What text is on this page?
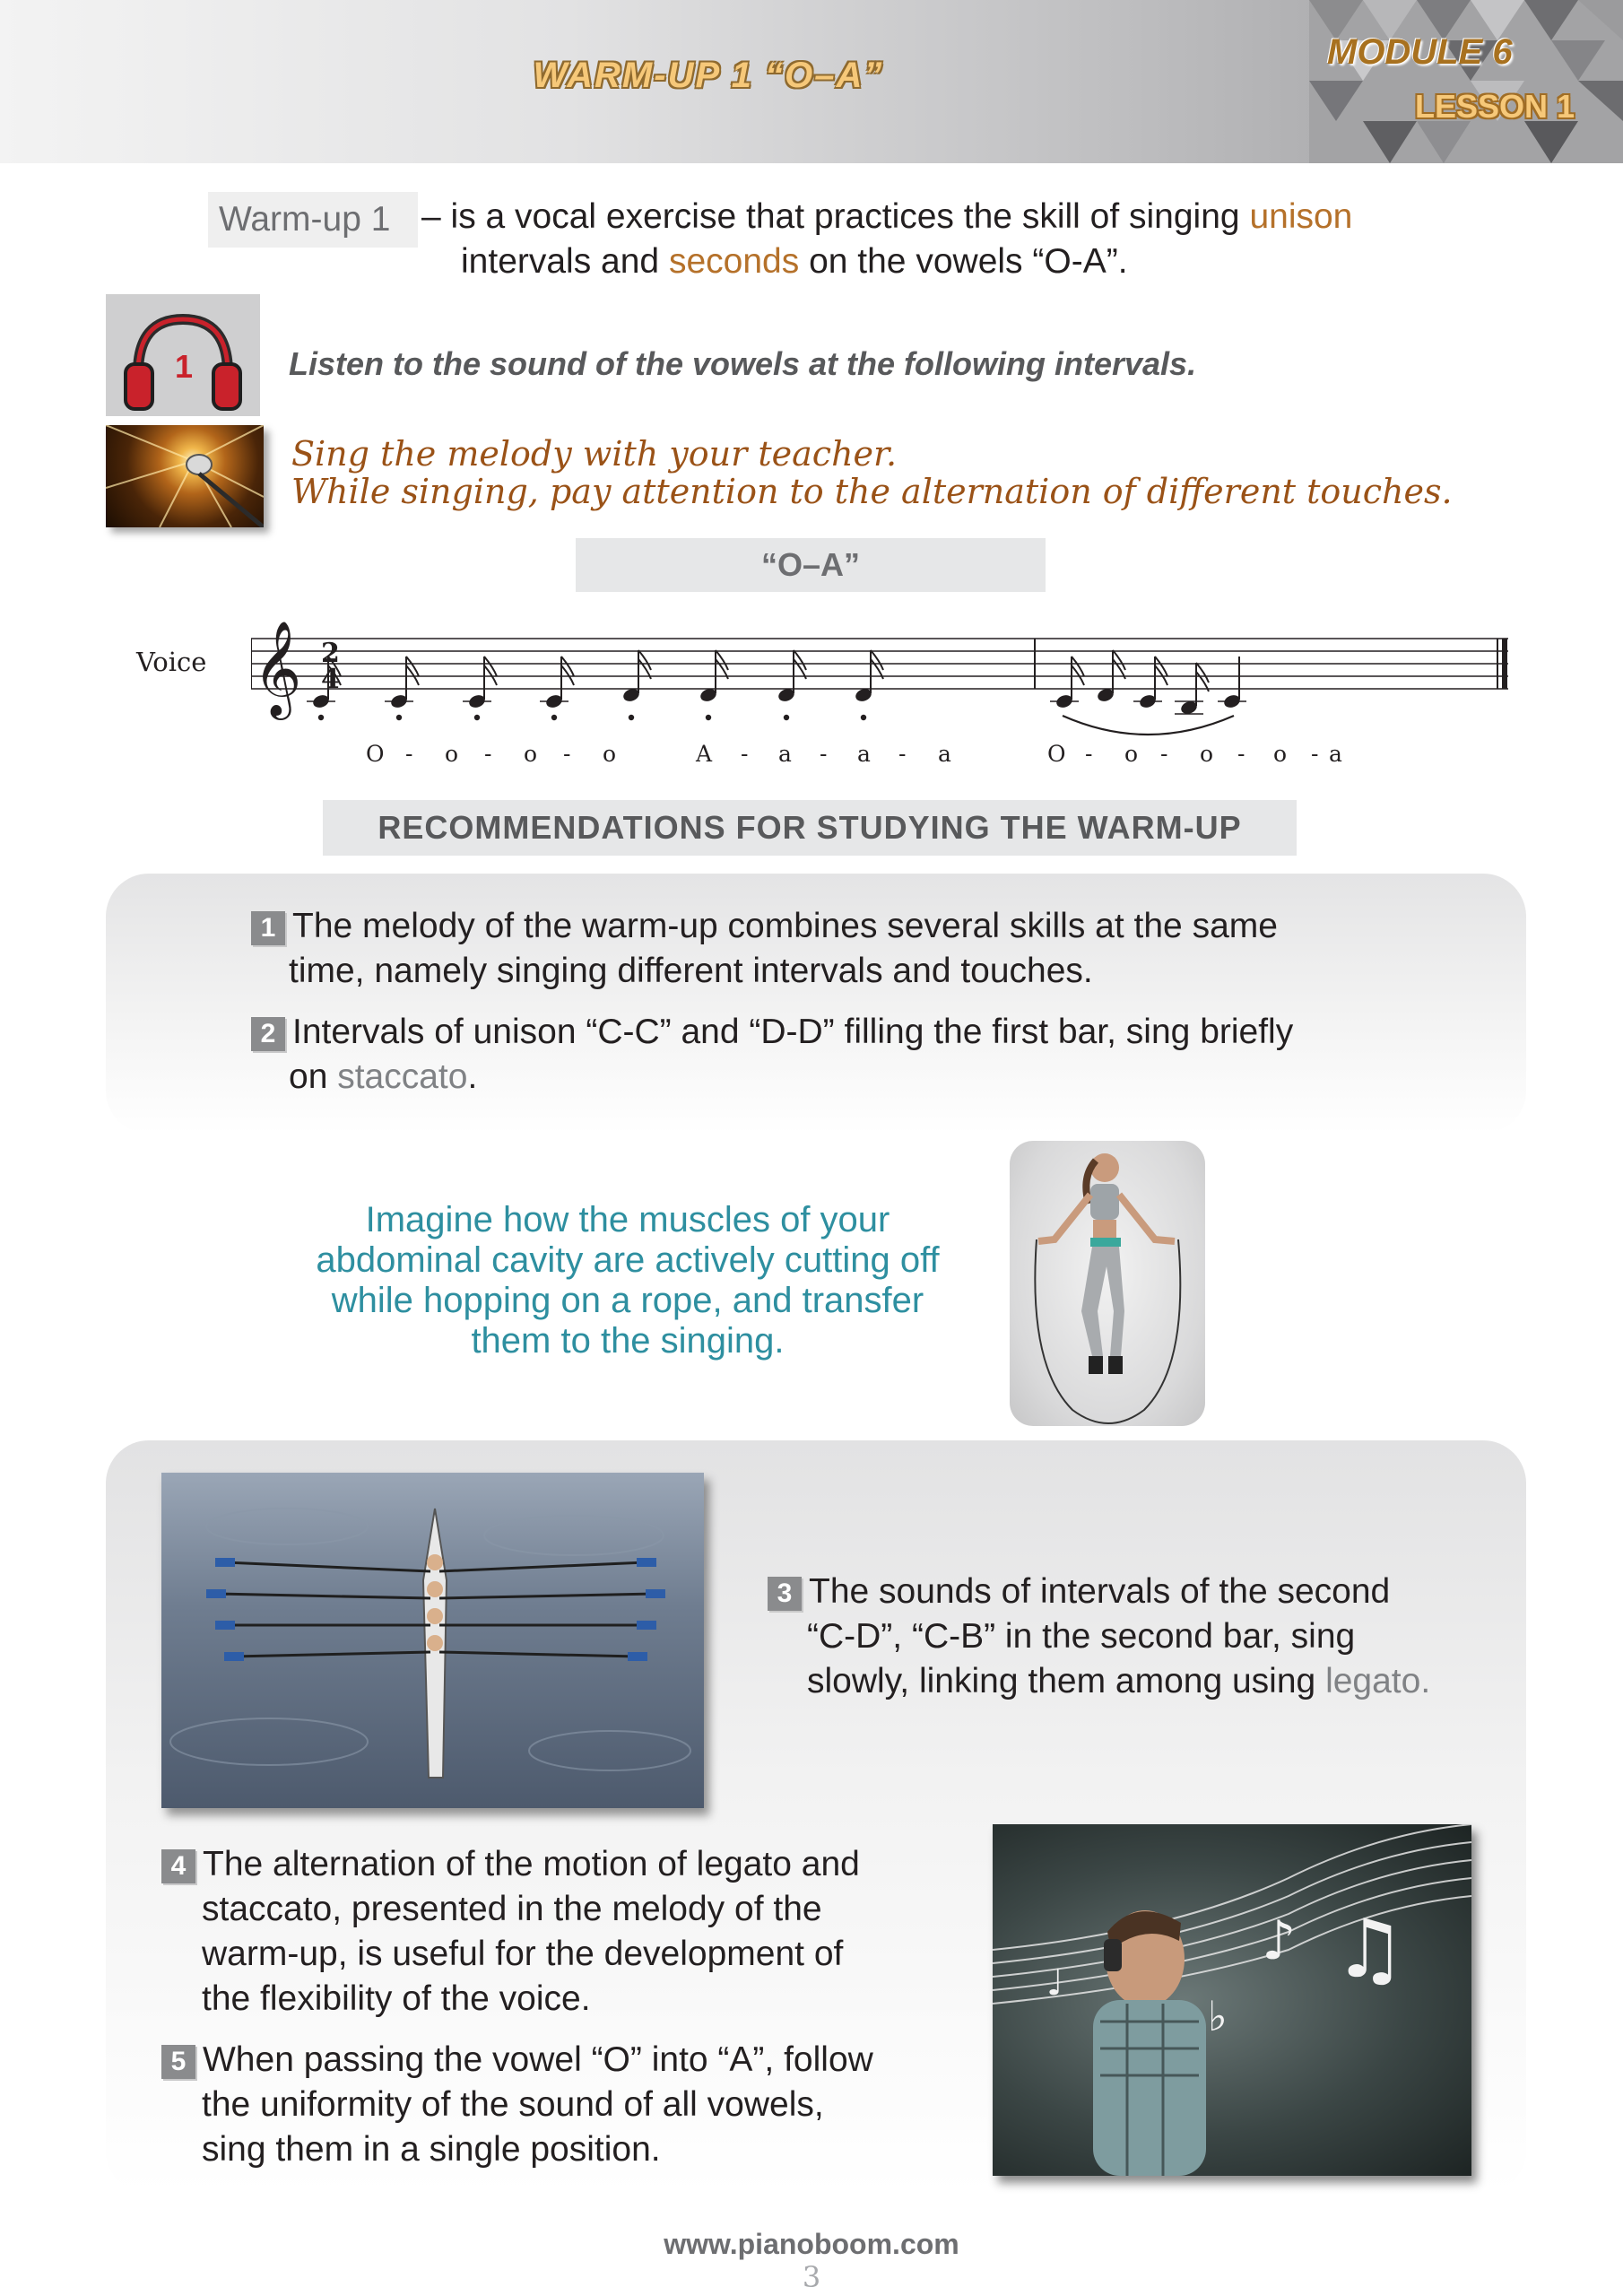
WARM-UP 1 “O–A”
MODULE 6
LESSON 1
Warm-up 1 – is a vocal exercise that practices the skill of singing unison
intervals and seconds on the vowels “O-A”.
1	Listen to the sound of the vowels at the following intervals.
Sing the melody with your teacher.
While singing, pay attention to the alternation of different touches.
“O–A”
Voice 𝄞 2
4
O - o - o - o	A - a - a - a	O - o - o - o - a
RECOMMENDATIONS FOR STUDYING THE WARM-UP
1 The melody of the warm-up combines several skills at the same
time, namely singing different intervals and touches.
2 Intervals of unison “C-C” and “D-D” filling the first bar, sing briefly
on staccato.
Imagine how the muscles of your
abdominal cavity are actively cutting off
while hopping on a rope, and transfer
them to the singing.
3 The sounds of intervals of the second
“C-D”, “C-B” in the second bar, sing
slowly, linking them among using legato.
4 The alternation of the motion of legato and
staccato, presented in the melody of the
warm-up, is useful for the development of
the flexibility of the voice.
5 When passing the vowel “O” into “A”, follow
the uniformity of the sound of all vowels,
sing them in a single position.
♫
♪
♩
♭
www.pianoboom.com
3
